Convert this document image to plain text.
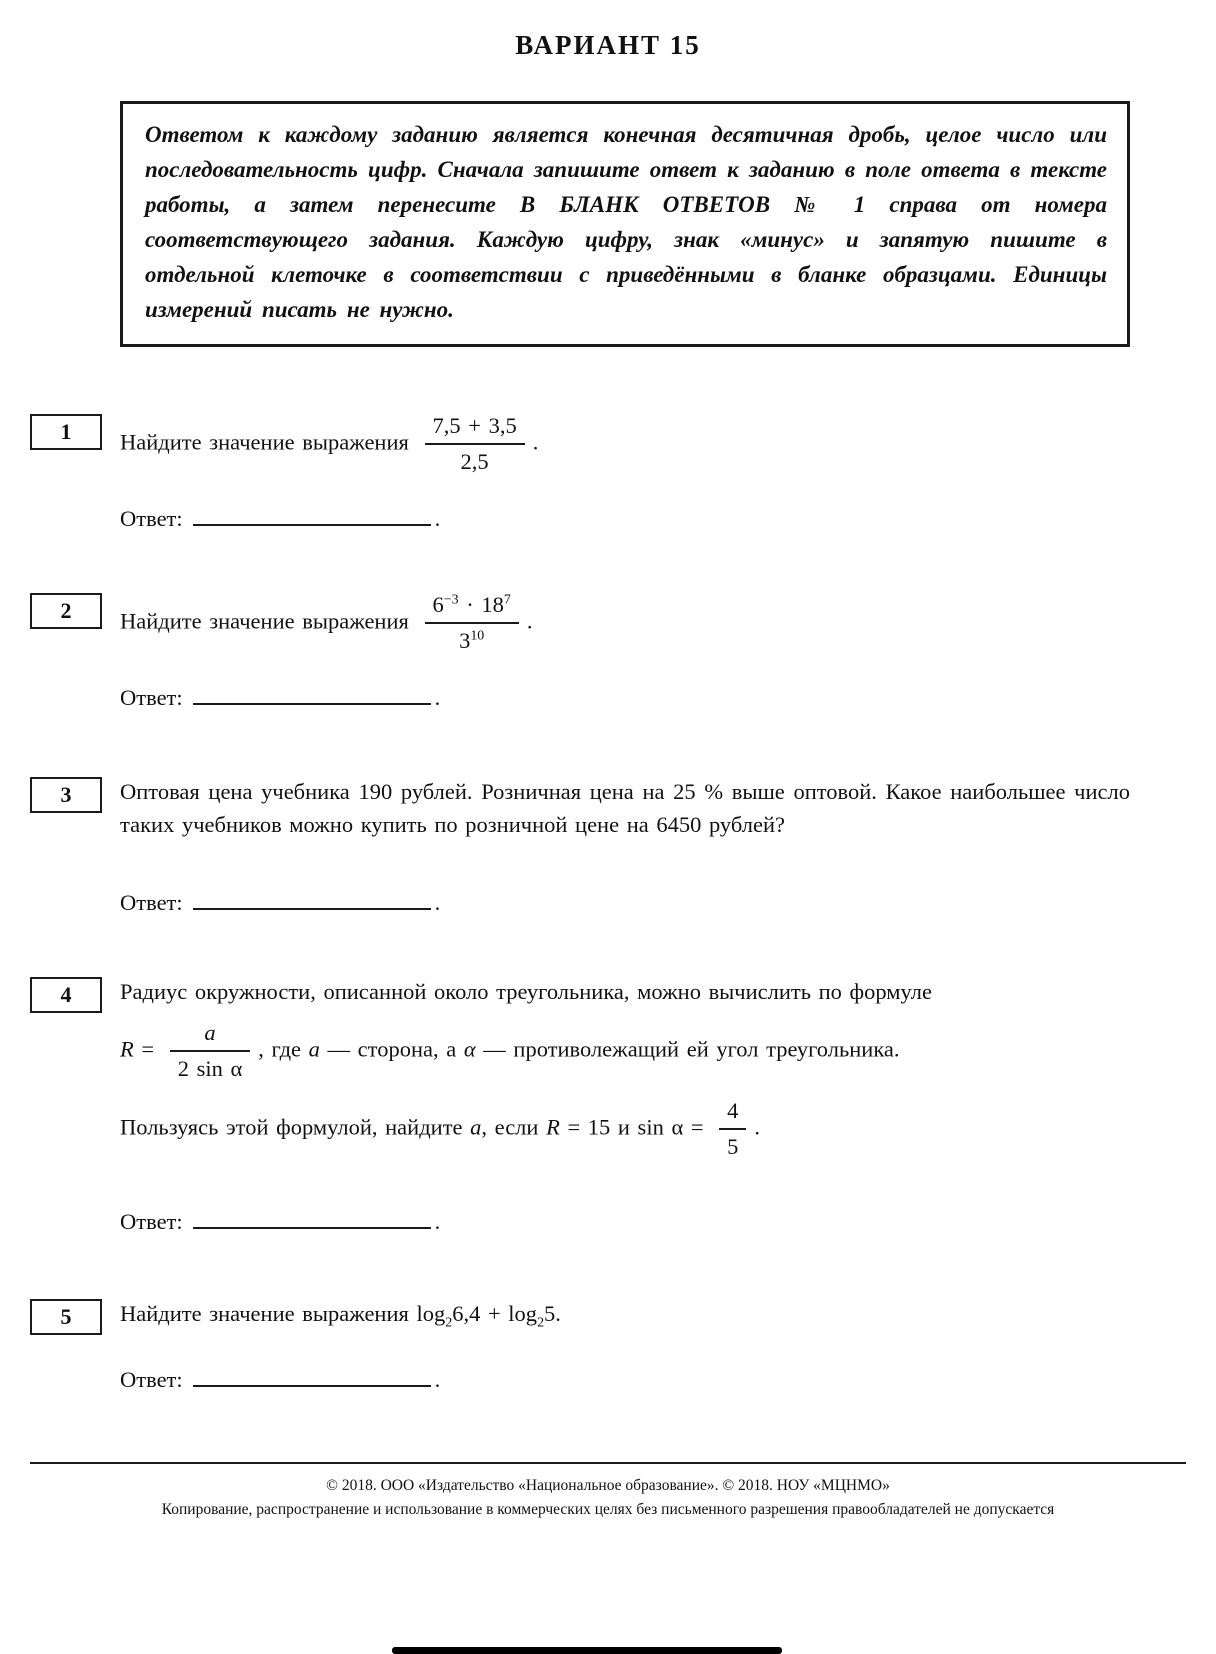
ВАРИАНТ 15
Ответом к каждому заданию является конечная десятичная дробь, целое число или последовательность цифр. Сначала запишите ответ к заданию в поле ответа в тексте работы, а затем перенесите В БЛАНК ОТВЕТОВ № 1 справа от номера соответствующего задания. Каждую цифру, знак «минус» и запятую пишите в отдельной клеточке в соответствии с приведёнными в бланке образцами. Единицы измерений писать не нужно.
1	Найдите значение выражения $\frac{7,5 + 3,5}{2,5}$ .

Ответ:	.

2	Найдите значение выражения $\frac{6^{-3} \cdot 18^7}{3^{10}}$ .

Ответ:	.

3	Оптовая цена учебника 190 рублей. Розничная цена на 25 % выше оптовой. Какое наибольшее число таких учебников можно купить по розничной цене на 6450 рублей?

Ответ:	.

4	Радиус окружности, описанной около треугольника, можно вычислить по формуле

$R = \frac{a}{\text{2 sin α}}$ , где a — сторона, а α — противолежащий ей угол треугольника.

Пользуясь этой формулой, найдите a, если R = 15 и $\sin \alpha = \frac{4}{5}$ .

Ответ:	.

5	Найдите значение выражения $\log_26,4 + \log_25$.

Ответ:	.

© 2018. ООО «Издательство «Национальное образование». © 2018. НОУ «МЦНМО»
Копирование, распространение и использование в коммерческих целях без письменного разрешения правообладателей не допускается
